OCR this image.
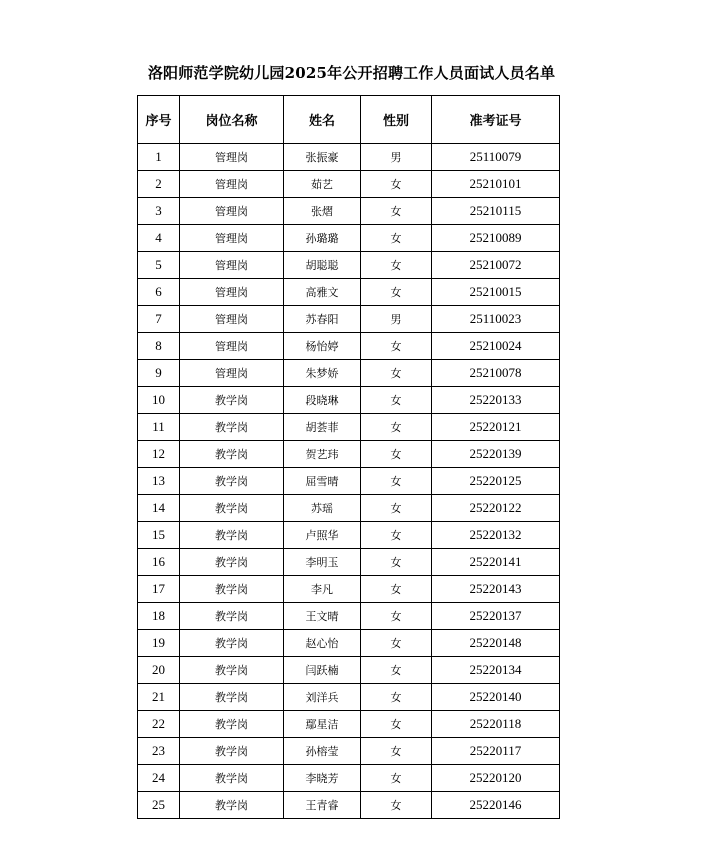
洛阳师范学院幼儿园2025年公开招聘工作人员面试人员名单
序号	岗位名称	姓名	性别	准考证号
1	管理岗	张振豪	男	25110079
2	管理岗	茹艺	女	25210101
3	管理岗	张熠	女	25210115
4	管理岗	孙璐璐	女	25210089
5	管理岗	胡聪聪	女	25210072
6	管理岗	高雅文	女	25210015
7	管理岗	苏春阳	男	25110023
8	管理岗	杨怡婷	女	25210024
9	管理岗	朱梦娇	女	25210078
10	教学岗	段晓琳	女	25220133
11	教学岗	胡荟菲	女	25220121
12	教学岗	贺艺玮	女	25220139
13	教学岗	屈雪晴	女	25220125
14	教学岗	苏瑶	女	25220122
15	教学岗	卢照华	女	25220132
16	教学岗	李明玉	女	25220141
17	教学岗	李凡	女	25220143
18	教学岗	王文晴	女	25220137
19	教学岗	赵心怡	女	25220148
20	教学岗	闫跃楠	女	25220134
21	教学岗	刘洋兵	女	25220140
22	教学岗	鄢星洁	女	25220118
23	教学岗	孙榕莹	女	25220117
24	教学岗	李晓芳	女	25220120
25	教学岗	王青睿	女	25220146
